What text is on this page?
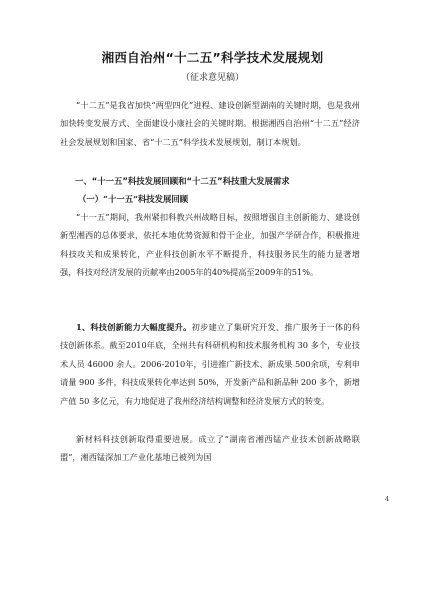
湘西自治州“十二五”科学技术发展规划
（征求意见稿）

“十二五”是我省加快“两型四化”进程、建设创新型湖南的关键时期，也是我州加快转变发展方式、全面建设小康社会的关键时期。根据湘西自治州“十二五”经济社会发展规划和国家、省“十二五”科学技术发展规划，制订本规划。

一、“十一五”科技发展回顾和“十二五”科技重大发展需求
（一）“十一五”科技发展回顾

“十一五”期间，我州紧扣科教兴州战略目标，按照增强自主创新能力、建设创新型湘西的总体要求，依托本地优势资源和骨干企业，加强产学研合作，积极推进科技攻关和成果转化，产业科技创新水平不断提升，科技服务民生的能力显著增强，科技对经济发展的贡献率由2005年的40%提高至2009年的51%。

1、科技创新能力大幅度提升。初步建立了集研究开发、推广服务于一体的科技创新体系。截至2010年底，全州共有科研机构和技术服务机构 30 多个，专业技术人员 46000 余人。2006-2010年，引进推广新技术、新成果 500余项，专利申请量 900 多件，科技成果转化率达到 50%，开发新产品和新品种 200 多个，新增产值 50 多亿元，有力地促进了我州经济结构调整和经济发展方式的转变。

新材料科技创新取得重要进展。成立了“湖南省湘西锰产业技术创新战略联盟”，湘西锰深加工产业化基地已被列为国

4
